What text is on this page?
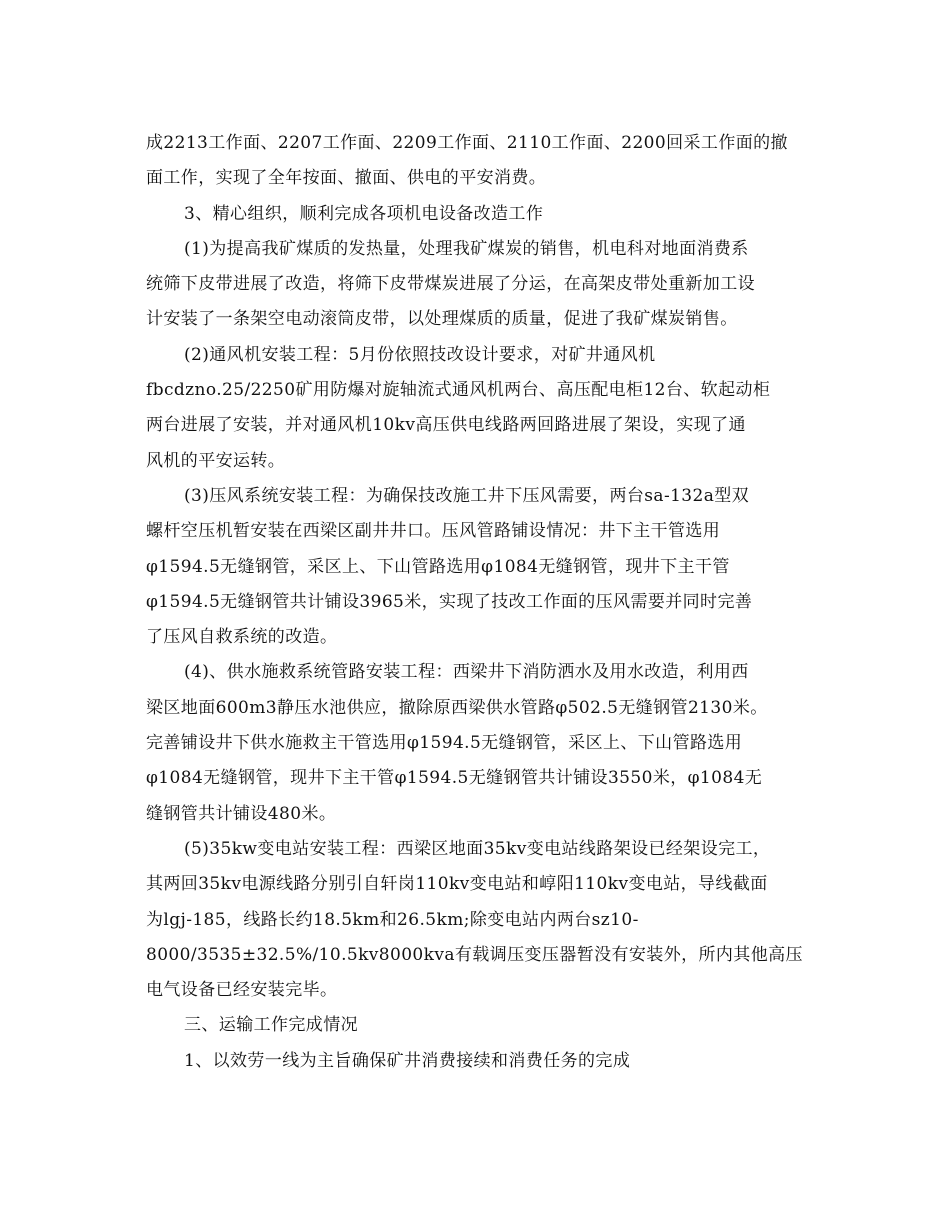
成2213工作面、2207工作面、2209工作面、2110工作面、2200回采工作面的撤
面工作，实现了全年按面、撤面、供电的平安消费。
3、精心组织，顺利完成各项机电设备改造工作
(1)为提高我矿煤质的发热量，处理我矿煤炭的销售，机电科对地面消费系
统筛下皮带进展了改造，将筛下皮带煤炭进展了分运，在高架皮带处重新加工设
计安装了一条架空电动滚筒皮带，以处理煤质的质量，促进了我矿煤炭销售。
(2)通风机安装工程：5月份依照技改设计要求，对矿井通风机
fbcdzno.25/2250矿用防爆对旋轴流式通风机两台、高压配电柜12台、软起动柜
两台进展了安装，并对通风机10kv高压供电线路两回路进展了架设，实现了通
风机的平安运转。
(3)压风系统安装工程：为确保技改施工井下压风需要，两台sa-132a型双
螺杆空压机暂安装在西梁区副井井口。压风管路铺设情况：井下主干管选用
φ1594.5无缝钢管，采区上、下山管路选用φ1084无缝钢管，现井下主干管
φ1594.5无缝钢管共计铺设3965米，实现了技改工作面的压风需要并同时完善
了压风自救系统的改造。
(4)、供水施救系统管路安装工程：西梁井下消防洒水及用水改造，利用西
梁区地面600m3静压水池供应，撤除原西梁供水管路φ502.5无缝钢管2130米。
完善铺设井下供水施救主干管选用φ1594.5无缝钢管，采区上、下山管路选用
φ1084无缝钢管，现井下主干管φ1594.5无缝钢管共计铺设3550米，φ1084无
缝钢管共计铺设480米。
(5)35kw变电站安装工程：西梁区地面35kv变电站线路架设已经架设完工，
其两回35kv电源线路分别引自轩岗110kv变电站和崞阳110kv变电站，导线截面
为lgj-185，线路长约18.5km和26.5km;除变电站内两台sz10-
8000/3535±32.5%/10.5kv8000kva有载调压变压器暂没有安装外，所内其他高压
电气设备已经安装完毕。
三、运输工作完成情况
1、以效劳一线为主旨确保矿井消费接续和消费任务的完成
